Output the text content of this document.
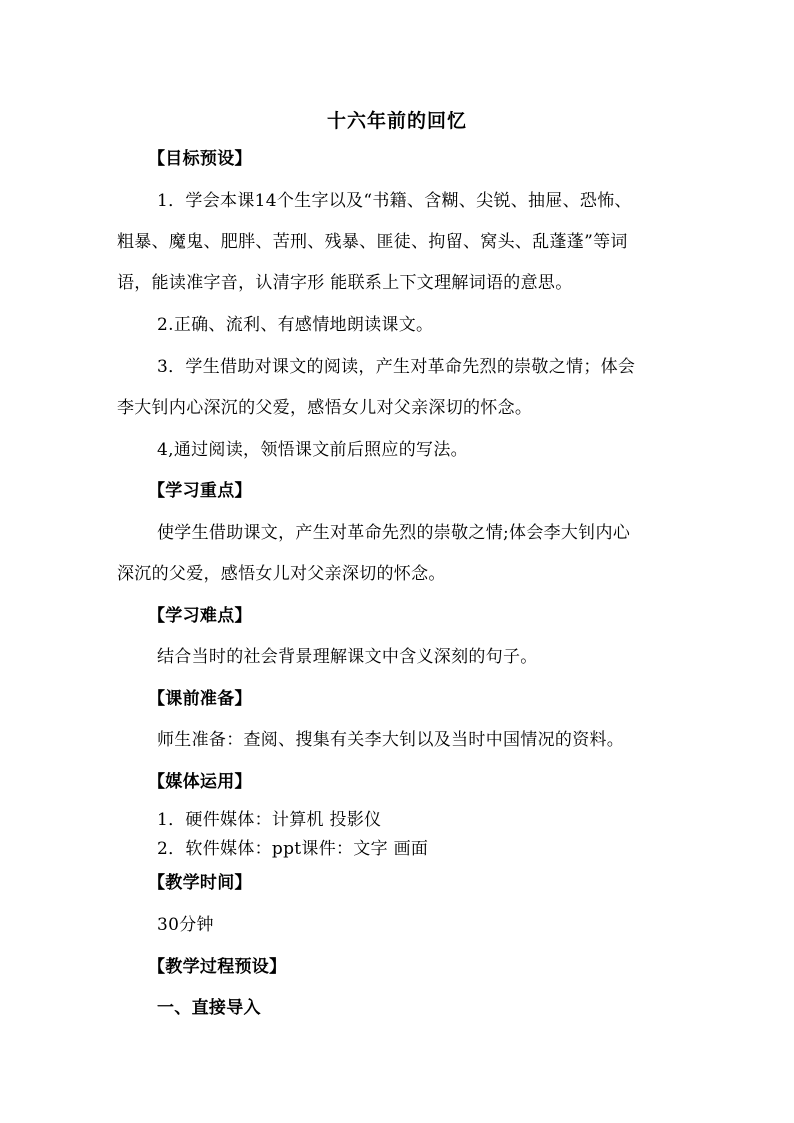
十六年前的回忆
【目标预设】
1．学会本课14个生字以及“书籍、含糊、尖锐、抽屉、恐怖、
粗暴、魔鬼、肥胖、苦刑、残暴、匪徒、拘留、窝头、乱蓬蓬”等词
语，能读准字音，认清字形 能联系上下文理解词语的意思。
2.正确、流利、有感情地朗读课文。
3．学生借助对课文的阅读，产生对革命先烈的崇敬之情；体会
李大钊内心深沉的父爱，感悟女儿对父亲深切的怀念。
4,通过阅读，领悟课文前后照应的写法。
【学习重点】
使学生借助课文，产生对革命先烈的崇敬之情;体会李大钊内心
深沉的父爱，感悟女儿对父亲深切的怀念。
【学习难点】
结合当时的社会背景理解课文中含义深刻的句子。
【课前准备】
师生准备：查阅、搜集有关李大钊以及当时中国情况的资料。
【媒体运用】
1．硬件媒体：计算机 投影仪
2．软件媒体：ppt课件：文字 画面
【教学时间】
30分钟
【教学过程预设】
一、直接导入
